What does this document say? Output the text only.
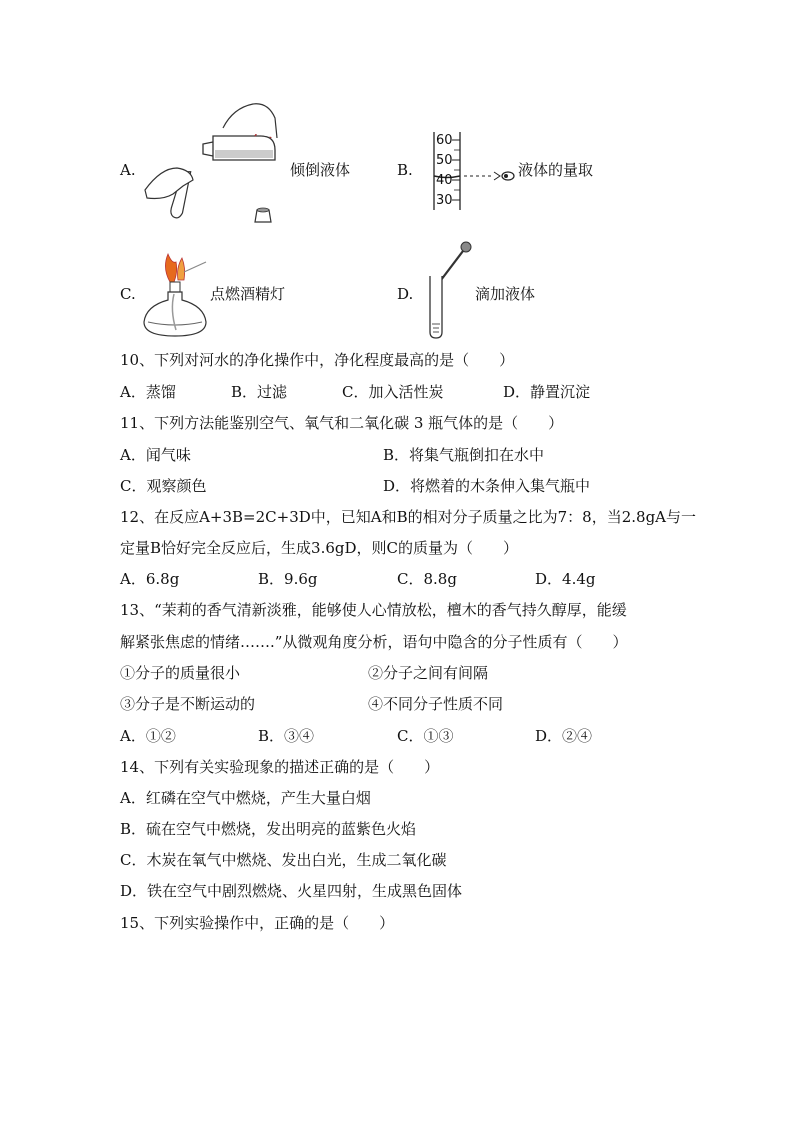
A.	倾倒液体	B.
60
50
40
30
液体的量取
C.	点燃酒精灯	D.	滴加液体
10、下列对河水的净化操作中，净化程度最高的是（　　）
A．蒸馏	B．过滤	C．加入活性炭	D．静置沉淀
11、下列方法能鉴别空气、氧气和二氧化碳 3 瓶气体的是（　　）
A．闻气味	B．将集气瓶倒扣在水中
C．观察颜色	D．将燃着的木条伸入集气瓶中
12、在反应A+3B=2C+3D中，已知A和B的相对分子质量之比为7：8，当2.8gA与一
定量B恰好完全反应后，生成3.6gD，则C的质量为（　　）
A．6.8g	B．9.6g	C．8.8g	D．4.4g
13、“茉莉的香气清新淡雅，能够使人心情放松，檀木的香气持久醇厚，能缓
解紧张焦虑的情绪…….”从微观角度分析，语句中隐含的分子性质有（　　）
①分子的质量很小	②分子之间有间隔
③分子是不断运动的	④不同分子性质不同
A．①②	B．③④	C．①③	D．②④
14、下列有关实验现象的描述正确的是（　　）
A．红磷在空气中燃烧，产生大量白烟
B．硫在空气中燃烧，发出明亮的蓝紫色火焰
C．木炭在氧气中燃烧、发出白光，生成二氧化碳
D．铁在空气中剧烈燃烧、火星四射，生成黑色固体
15、下列实验操作中，正确的是（　　）
